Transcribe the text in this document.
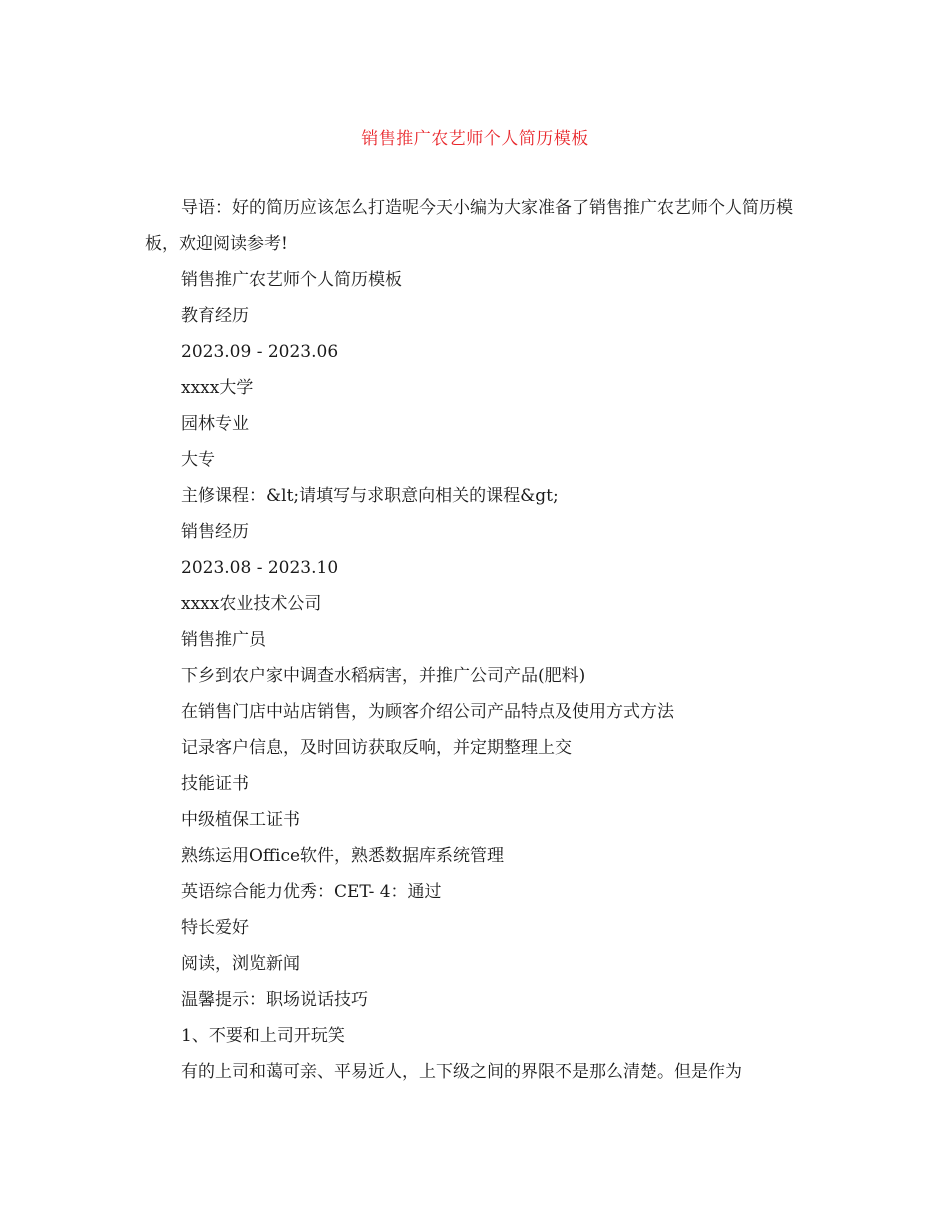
销售推广农艺师个人简历模板

导语：好的简历应该怎么打造呢今天小编为大家准备了销售推广农艺师个人简历模板，欢迎阅读参考!

销售推广农艺师个人简历模板

教育经历

2023.09 - 2023.06

xxxx大学

园林专业

大专

主修课程：&lt;请填写与求职意向相关的课程&gt;

销售经历

2023.08 - 2023.10

xxxx农业技术公司

销售推广员

下乡到农户家中调查水稻病害，并推广公司产品(肥料)

在销售门店中站店销售，为顾客介绍公司产品特点及使用方式方法

记录客户信息，及时回访获取反响，并定期整理上交

技能证书

中级植保工证书

熟练运用Office软件，熟悉数据库系统管理

英语综合能力优秀：CET- 4：通过

特长爱好

阅读，浏览新闻

温馨提示：职场说话技巧

1、不要和上司开玩笑

有的上司和蔼可亲、平易近人，上下级之间的界限不是那么清楚。但是作为
